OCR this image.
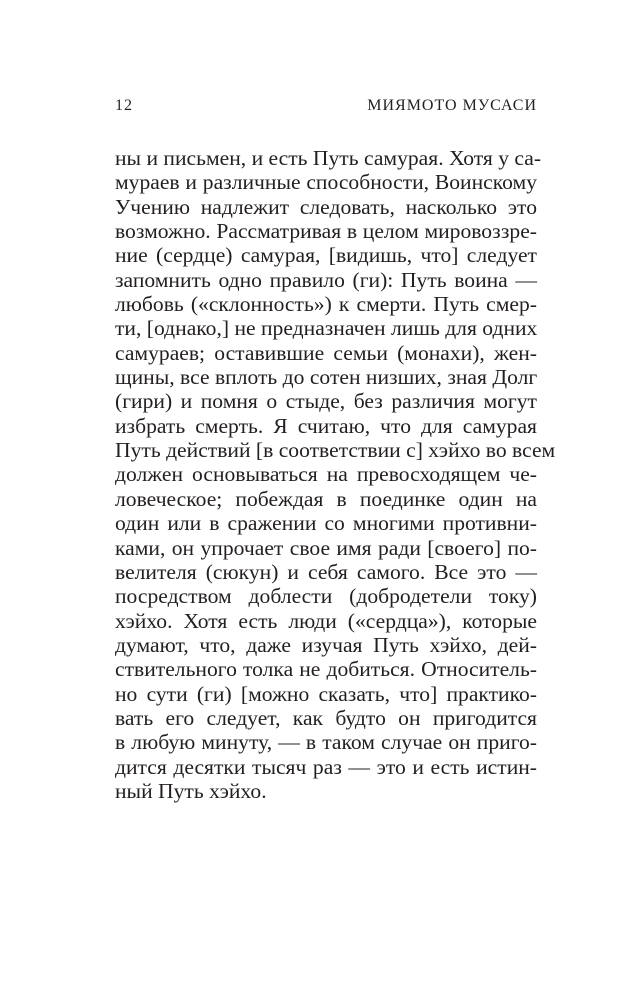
12	МИЯМОТО МУСАСИ
ны и письмен, и есть Путь самурая. Хотя у са-
мураев и различные способности, Воинскому
Учению надлежит следовать, насколько это
возможно. Рассматривая в целом мировоззре-
ние (сердце) самурая, [видишь, что] следует
запомнить одно правило (ги): Путь воина —
любовь («склонность») к смерти. Путь смер-
ти, [однако,] не предназначен лишь для одних
самураев; оставившие семьи (монахи), жен-
щины, все вплоть до сотен низших, зная Долг
(гири) и помня о стыде, без различия могут
избрать смерть. Я считаю, что для самурая
Путь действий [в соответствии с] хэйхо во всем
должен основываться на превосходящем че-
ловеческое; побеждая в поединке один на
один или в сражении со многими противни-
ками, он упрочает свое имя ради [своего] по-
велителя (сюкун) и себя самого. Все это —
посредством доблести (добродетели току)
хэйхо. Хотя есть люди («сердца»), которые
думают, что, даже изучая Путь хэйхо, дей-
ствительного толка не добиться. Относитель-
но сути (ги) [можно сказать, что] практико-
вать его следует, как будто он пригодится
в любую минуту, — в таком случае он приго-
дится десятки тысяч раз — это и есть истин-
ный Путь хэйхо.
